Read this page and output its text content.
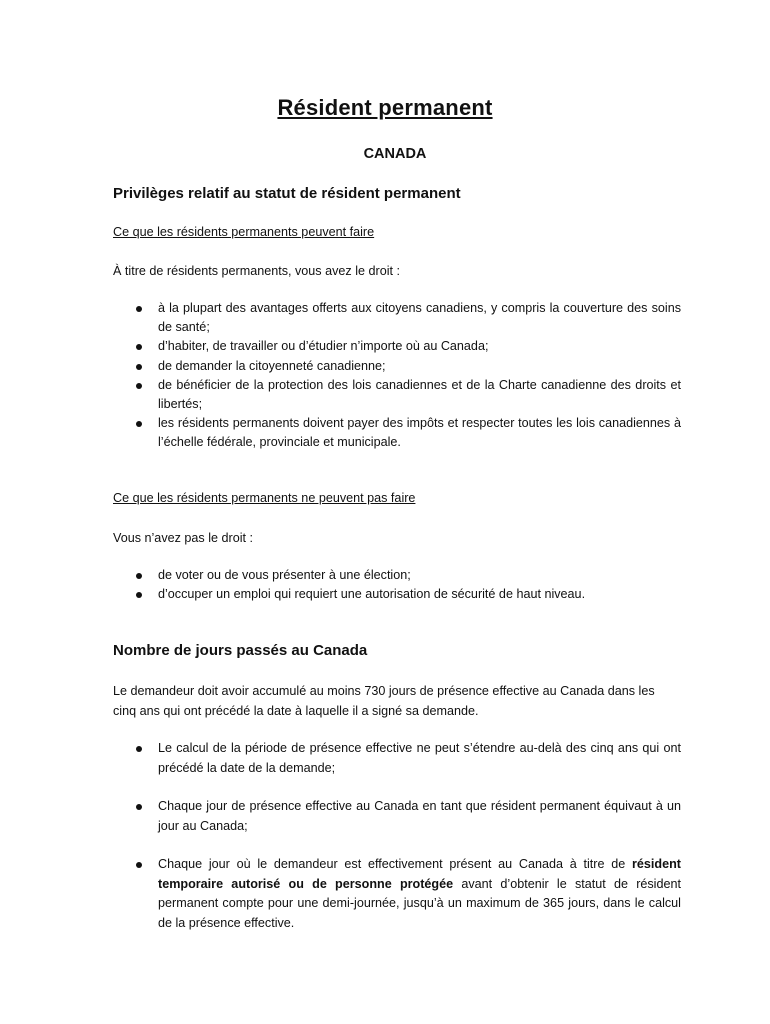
Résident permanent
CANADA
Privilèges relatif au statut de résident permanent
Ce que les résidents permanents peuvent faire
À titre de résidents permanents, vous avez le droit :
à la plupart des avantages offerts aux citoyens canadiens, y compris la couverture des soins de santé;
d’habiter, de travailler ou d’étudier n’importe où au Canada;
de demander la citoyenneté canadienne;
de bénéficier de la protection des lois canadiennes et de la Charte canadienne des droits et libertés;
les résidents permanents doivent payer des impôts et respecter toutes les lois canadiennes à l’échelle fédérale, provinciale et municipale.
Ce que les résidents permanents ne peuvent pas faire
Vous n’avez pas le droit :
de voter ou de vous présenter à une élection;
d’occuper un emploi qui requiert une autorisation de sécurité de haut niveau.
Nombre de jours passés au Canada
Le demandeur doit avoir accumulé au moins 730 jours de présence effective au Canada dans les cinq ans qui ont précédé la date à laquelle il a signé sa demande.
Le calcul de la période de présence effective ne peut s’étendre au-delà des cinq ans qui ont précédé la date de la demande;
Chaque jour de présence effective au Canada en tant que résident permanent équivaut à un jour au Canada;
Chaque jour où le demandeur est effectivement présent au Canada à titre de résident temporaire autorisé ou de personne protégée avant d’obtenir le statut de résident permanent compte pour une demi-journée, jusqu’à un maximum de 365 jours, dans le calcul de la présence effective.
